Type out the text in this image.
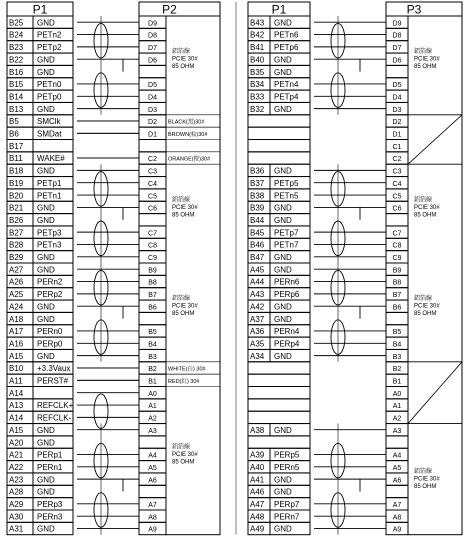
P1	P2
B25 GND
B24 PETn2
B23 PETp2
B22 GND
B16 GND
B15 PETn0
B14 PETp0
B13 GND
B5 SMClk
B6 SMDat
B17
B11 WAKE#
B18 GND
B19 PETp1
B20 PETn1
B21 GND
B26 GND
B27 PETp3
B28 PETn3
B29 GND
A27 GND
A26 PERn2
A25 PERp2
A24 GND
A18 GND
A17 PERn0
A16 PERp0
A15 GND
B10 +3.3Vaux
A11 PERST#
A14
A13 REFCLK+
A14 REFCLK-
A15 GND
A20 GND
A21 PERp1
A22 PERn1
A23 GND
A28 GND
A29 PERp3
A30 PERn3
A31 GND
D9
D8
D7
D6
D5
D4
D3
D2
D1
C2
C3
C4
C5
C6
C7
C8
C9
B9
B8
B7
B6
B5
B4
B3
B2
B1
A0
A1
A2
A3
A4
A5
A6
A7
A8
A9
鋁箔線
PCIE 30#
85 OHM
鋁箔線
PCIE 30#
85 OHM
鋁箔線
PCIE 30#
85 OHM
鋁箔線
PCIE 30#
85 OHM
BLACK(黑)30#
BROWN(棕)30#
ORANGE(橙)30#
WHITE(白) 30#
RED(紅) 30#
P1	P3
B43 GND
B42 PETn6
B41 PETp6
B40 GND
B35 GND
B34 PETn4
B33 PETp4
B32 GND
B36 GND
B37 PETp5
B38 PETn5
B39 GND
B44 GND
B45 PETp7
B46 PETn7
B47 GND
A45 GND
A44 PERn6
A43 PERp6
A42 GND
A37 GND
A36 PERn4
A35 PERp4
A34 GND
A38 GND
A39 PERp5
A40 PERn5
A41 GND
A46 GND
A47 PERp7
A48 PERn7
A49 GND
D9
D8
D7
D6
D5
D4
D3
D2
D1
C1
C2
C3
C4
C5
C6
C7
C8
C9
B9
B8
B7
B6
B5
B4
B3
B2
B1
A0
A1
A2
A3
A4
A5
A6
A7
A8
A9
鋁箔線
PCIE 30#
85 OHM
鋁箔線
PCIE 30#
85 OHM
鋁箔線
PCIE 30#
85 OHM
鋁箔線
PCIE 30#
85 OHM
